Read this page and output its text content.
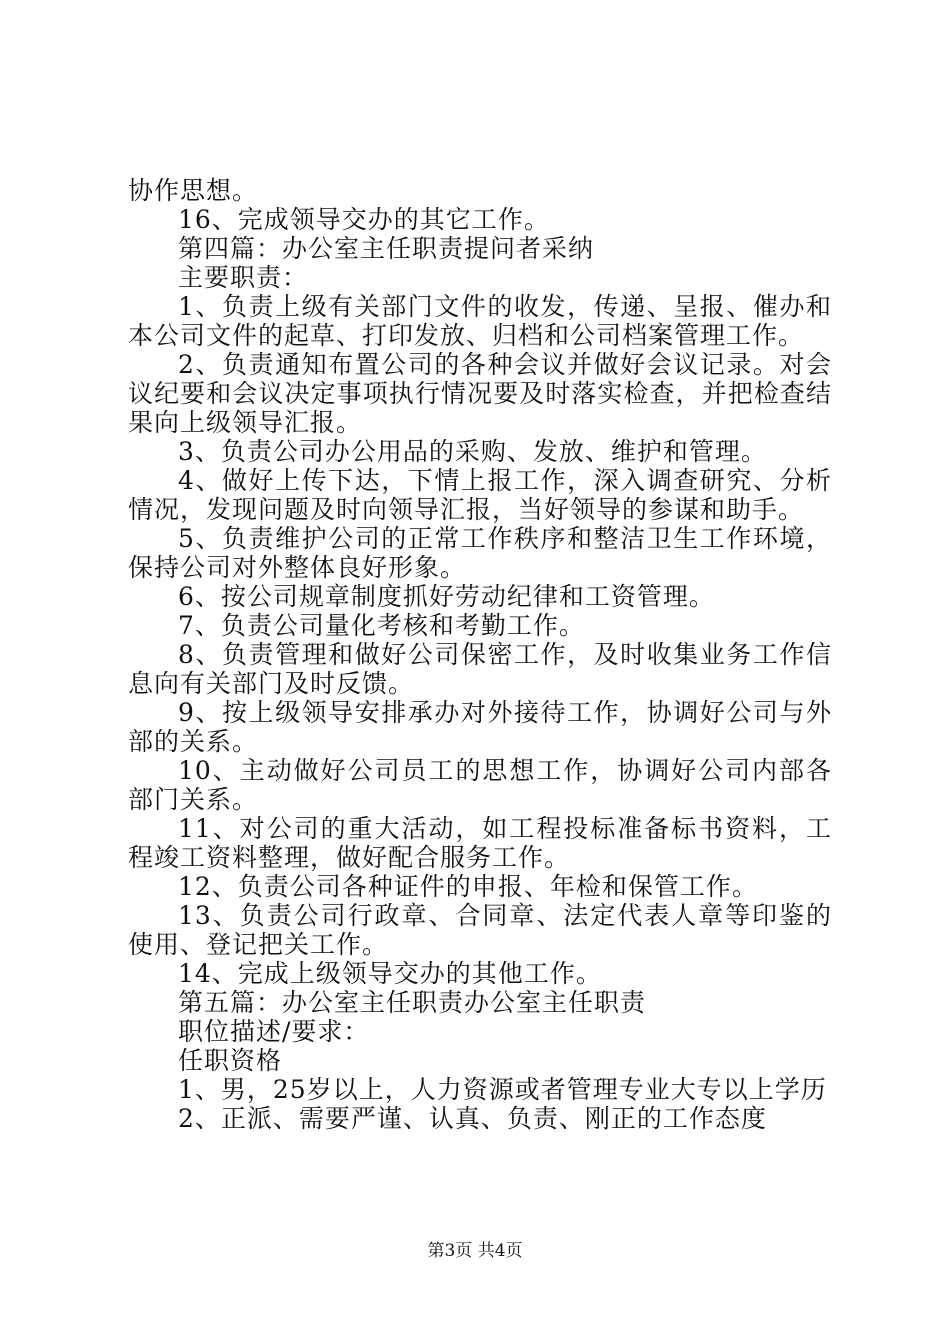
协作思想。

16、完成领导交办的其它工作。

第四篇：办公室主任职责提问者采纳

主要职责：

1、负责上级有关部门文件的收发，传递、呈报、催办和本公司文件的起草、打印发放、归档和公司档案管理工作。

2、负责通知布置公司的各种会议并做好会议记录。对会议纪要和会议决定事项执行情况要及时落实检查，并把检查结果向上级领导汇报。

3、负责公司办公用品的采购、发放、维护和管理。

4、做好上传下达，下情上报工作，深入调查研究、分析情况，发现问题及时向领导汇报，当好领导的参谋和助手。

5、负责维护公司的正常工作秩序和整洁卫生工作环境，保持公司对外整体良好形象。

6、按公司规章制度抓好劳动纪律和工资管理。

7、负责公司量化考核和考勤工作。

8、负责管理和做好公司保密工作，及时收集业务工作信息向有关部门及时反馈。

9、按上级领导安排承办对外接待工作，协调好公司与外部的关系。

10、主动做好公司员工的思想工作，协调好公司内部各部门关系。

11、对公司的重大活动，如工程投标准备标书资料，工程竣工资料整理，做好配合服务工作。

12、负责公司各种证件的申报、年检和保管工作。

13、负责公司行政章、合同章、法定代表人章等印鉴的使用、登记把关工作。

14、完成上级领导交办的其他工作。

第五篇：办公室主任职责办公室主任职责

职位描述/要求：

任职资格

1、男，25岁以上，人力资源或者管理专业大专以上学历

2、正派、需要严谨、认真、负责、刚正的工作态度

第3页 共4页
